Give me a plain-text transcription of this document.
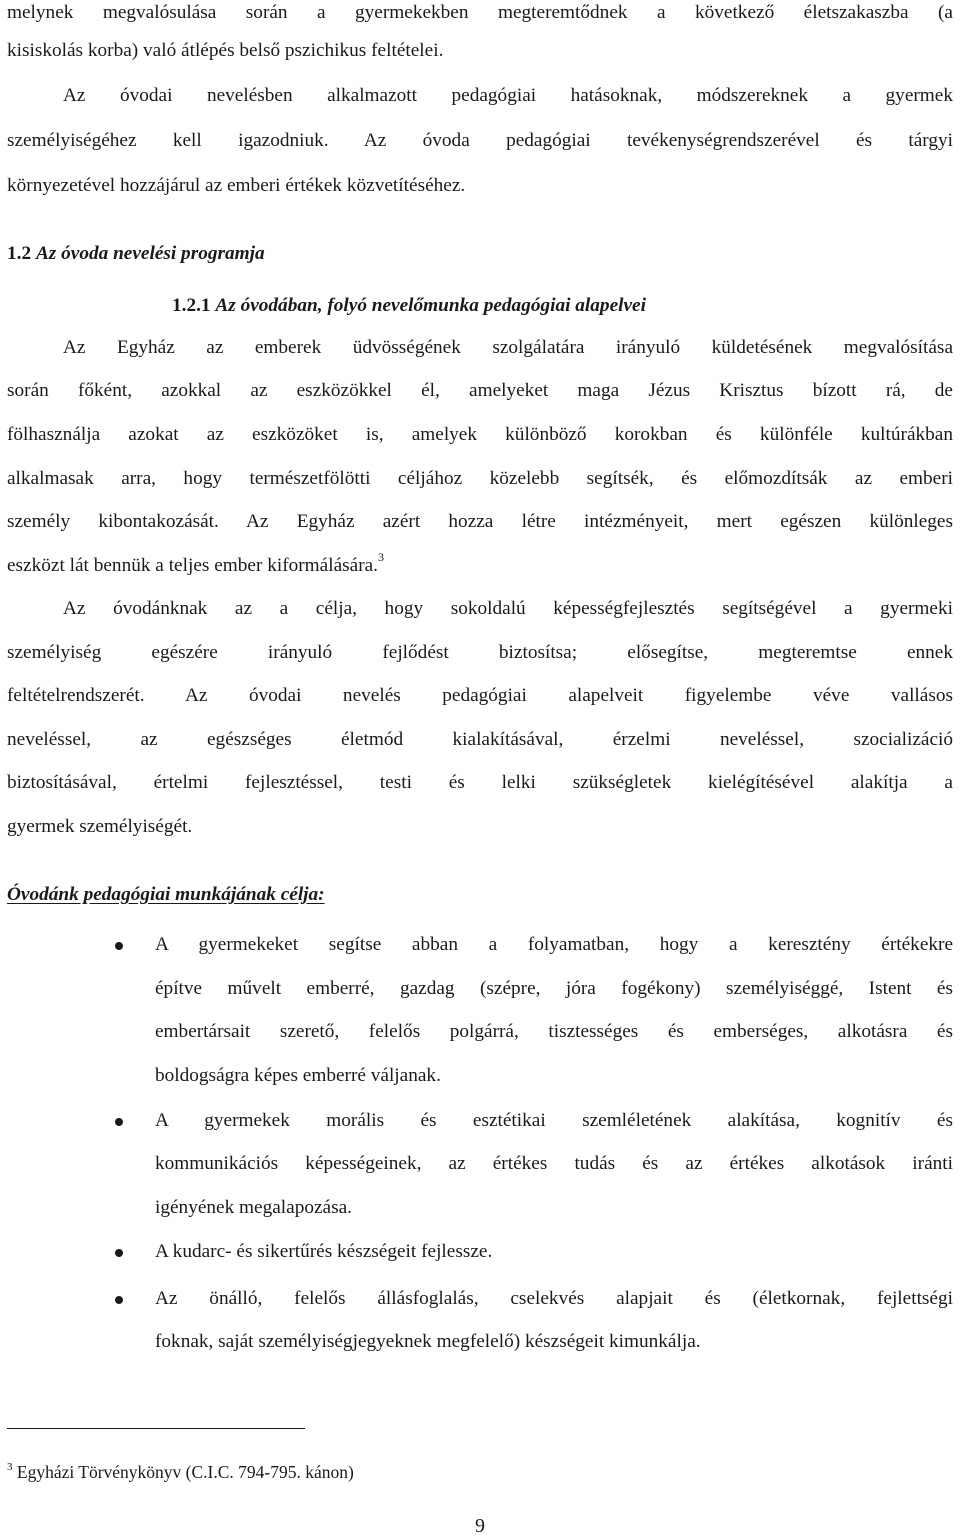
melynek megvalósulása során a gyermekekben megteremtődnek a következő életszakaszba (a

kisiskolás korba) való átlépés belső pszichikus feltételei.

Az óvodai nevelésben alkalmazott pedagógiai hatásoknak, módszereknek a gyermek

személyiségéhez kell igazodniuk. Az óvoda pedagógiai tevékenységrendszerével és tárgyi

környezetével hozzájárul az emberi értékek közvetítéséhez.

1.2 Az óvoda nevelési programja

1.2.1 Az óvodában, folyó nevelőmunka pedagógiai alapelvei

Az Egyház az emberek üdvösségének szolgálatára irányuló küldetésének megvalósítása

során főként, azokkal az eszközökkel él, amelyeket maga Jézus Krisztus bízott rá, de

fölhasználja azokat az eszközöket is, amelyek különböző korokban és különféle kultúrákban

alkalmasak arra, hogy természetfölötti céljához közelebb segítsék, és előmozdítsák az emberi

személy kibontakozását. Az Egyház azért hozza létre intézményeit, mert egészen különleges

eszközt lát bennük a teljes ember kiformálására.$^3$

Az óvodánknak az a célja, hogy sokoldalú képességfejlesztés segítségével a gyermeki

személyiség egészére irányuló fejlődést biztosítsa; elősegítse, megteremtse ennek

feltételrendszerét. Az óvodai nevelés pedagógiai alapelveit figyelembe véve vallásos

neveléssel, az egészséges életmód kialakításával, érzelmi neveléssel, szocializáció

biztosításával, értelmi fejlesztéssel, testi és lelki szükségletek kielégítésével alakítja a

gyermek személyiségét.

Óvodánk pedagógiai munkájának célja:

A gyermekeket segítse abban a folyamatban, hogy a keresztény értékekre

építve művelt emberré, gazdag (szépre, jóra fogékony) személyiséggé, Istent és

embertársait szerető, felelős polgárrá, tisztességes és emberséges, alkotásra és

boldogságra képes emberré váljanak.

A gyermekek morális és esztétikai szemléletének alakítása, kognitív és

kommunikációs képességeinek, az értékes tudás és az értékes alkotások iránti

igényének megalapozása.

A kudarc- és sikertűrés készségeit fejlessze.

Az önálló, felelős állásfoglalás, cselekvés alapjait és (életkornak, fejlettségi

foknak, saját személyiségjegyeknek megfelelő) készségeit kimunkálja.

$^3$ Egyházi Törvénykönyv (C.I.C. 794-795. kánon)

9
